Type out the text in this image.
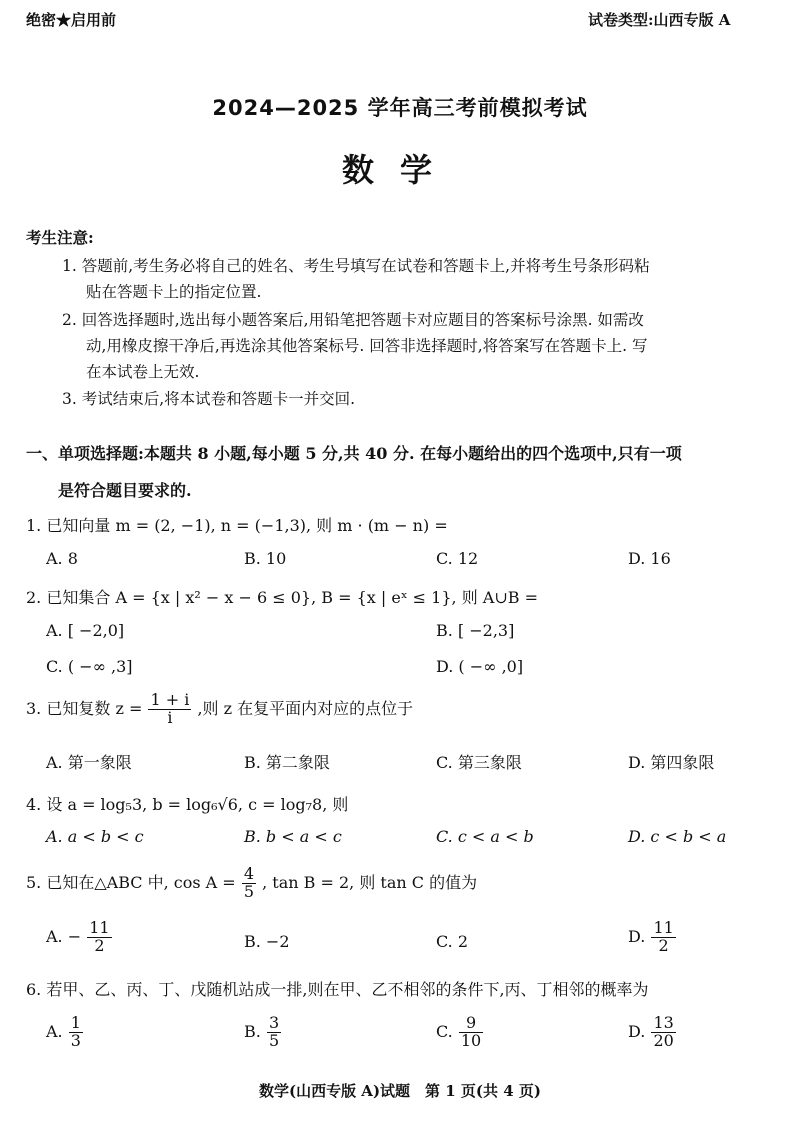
绝密★启用前	试卷类型:山西专版 A
2024—2025 学年高三考前模拟考试
数学
考生注意:
1. 答题前,考生务必将自己的姓名、考生号填写在试卷和答题卡上,并将考生号条形码粘
贴在答题卡上的指定位置.
2. 回答选择题时,选出每小题答案后,用铅笔把答题卡对应题目的答案标号涂黑. 如需改
动,用橡皮擦干净后,再选涂其他答案标号. 回答非选择题时,将答案写在答题卡上. 写
在本试卷上无效.
3. 考试结束后,将本试卷和答题卡一并交回.
一、单项选择题:本题共 8 小题,每小题 5 分,共 40 分. 在每小题给出的四个选项中,只有一项
是符合题目要求的.
1. 已知向量 m = (2, −1), n = (−1,3), 则 m · (m − n) =
A. 8	B. 10	C. 12	D. 16
2. 已知集合 A = {x | x² − x − 6 ≤ 0}, B = {x | eˣ ≤ 1}, 则 A∪B =
A. [ −2,0]	B. [ −2,3]
C. ( −∞ ,3]	D. ( −∞ ,0]
3. 已知复数 $z = \frac{1 + i}{i}$ ,则 z 在复平面内对应的点位于
A. 第一象限	B. 第二象限	C. 第三象限	D. 第四象限
4. 设 a = log₅3, b = log₆√6, c = log₇8, 则
A. a < b < c	B. b < a < c	C. c < a < b	D. c < b < a
5. 已知在△ABC 中, $\cos A = \frac{4}{5}$ , tan B = 2, 则 tan C 的值为
A. − $\frac{11}{2}$	B. −2	C. 2	D. $\frac{11}{2}$
6. 若甲、乙、丙、丁、戊随机站成一排,则在甲、乙不相邻的条件下,丙、丁相邻的概率为
A. $\frac{1}{3}$	B. $\frac{3}{5}$	C. $\frac{9}{10}$	D. $\frac{13}{20}$
数学(山西专版 A)试题　第 1 页(共 4 页)
